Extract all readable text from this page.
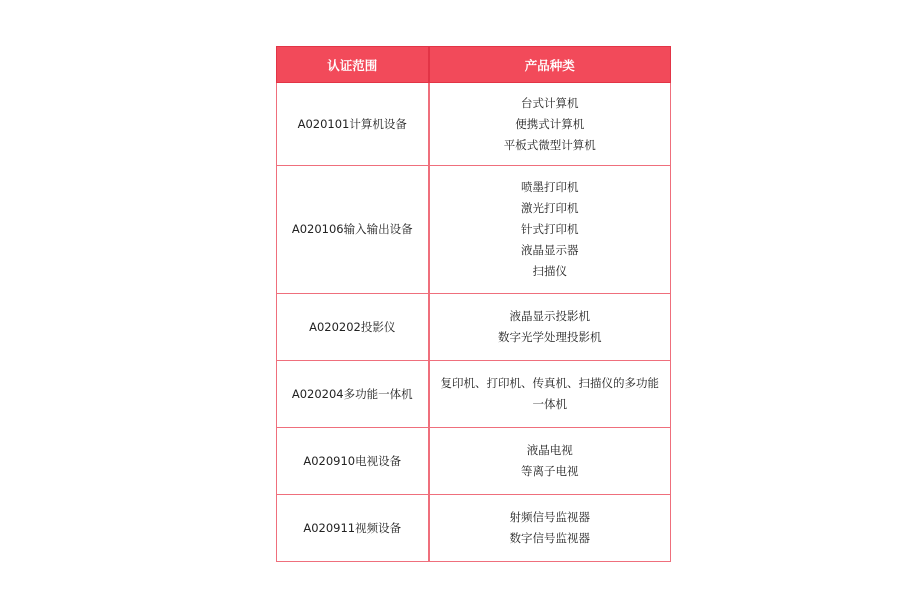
认证范围	产品种类
A020101计算机设备	台式计算机
便携式计算机
平板式微型计算机

A020106输入输出设备	喷墨打印机
激光打印机
针式打印机
液晶显示器
扫描仪

A020202投影仪	液晶显示投影机
数字光学处理投影机

A020204多功能一体机	复印机、打印机、传真机、扫描仪的多功能一体机

A020910电视设备	液晶电视
等离子电视

A020911视频设备	射频信号监视器
数字信号监视器
